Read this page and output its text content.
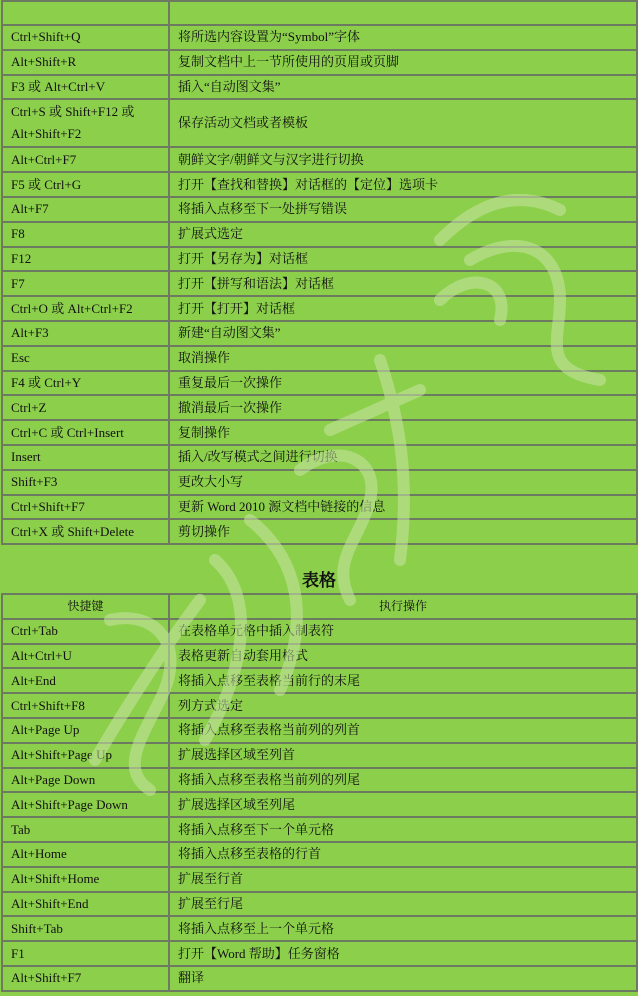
Ctrl+Shift+Q	将所选内容设置为“Symbol”字体
Alt+Shift+R	复制文档中上一节所使用的页眉或页脚
F3 或 Alt+Ctrl+V	插入“自动图文集”
Ctrl+S 或 Shift+F12 或 Alt+Shift+F2	保存活动文档或者模板
Alt+Ctrl+F7	朝鲜文字/朝鲜文与汉字进行切换
F5 或 Ctrl+G	打开【查找和替换】对话框的【定位】选项卡
Alt+F7	将插入点移至下一处拼写错误
F8	扩展式选定
F12	打开【另存为】对话框
F7	打开【拼写和语法】对话框
Ctrl+O 或 Alt+Ctrl+F2	打开【打开】对话框
Alt+F3	新建“自动图文集”
Esc	取消操作
F4 或 Ctrl+Y	重复最后一次操作
Ctrl+Z	撤消最后一次操作
Ctrl+C 或 Ctrl+Insert	复制操作
Insert	插入/改写模式之间进行切换
Shift+F3	更改大小写
Ctrl+Shift+F7	更新 Word 2010 源文档中链接的信息
Ctrl+X 或 Shift+Delete	剪切操作
表格
快捷键	执行操作
Ctrl+Tab	在表格单元格中插入制表符
Alt+Ctrl+U	表格更新自动套用格式
Alt+End	将插入点移至表格当前行的末尾
Ctrl+Shift+F8	列方式选定
Alt+Page Up	将插入点移至表格当前列的列首
Alt+Shift+Page Up	扩展选择区域至列首
Alt+Page Down	将插入点移至表格当前列的列尾
Alt+Shift+Page Down	扩展选择区域至列尾
Tab	将插入点移至下一个单元格
Alt+Home	将插入点移至表格的行首
Alt+Shift+Home	扩展至行首
Alt+Shift+End	扩展至行尾
Shift+Tab	将插入点移至上一个单元格
F1	打开【Word 帮助】任务窗格
Alt+Shift+F7	翻译
